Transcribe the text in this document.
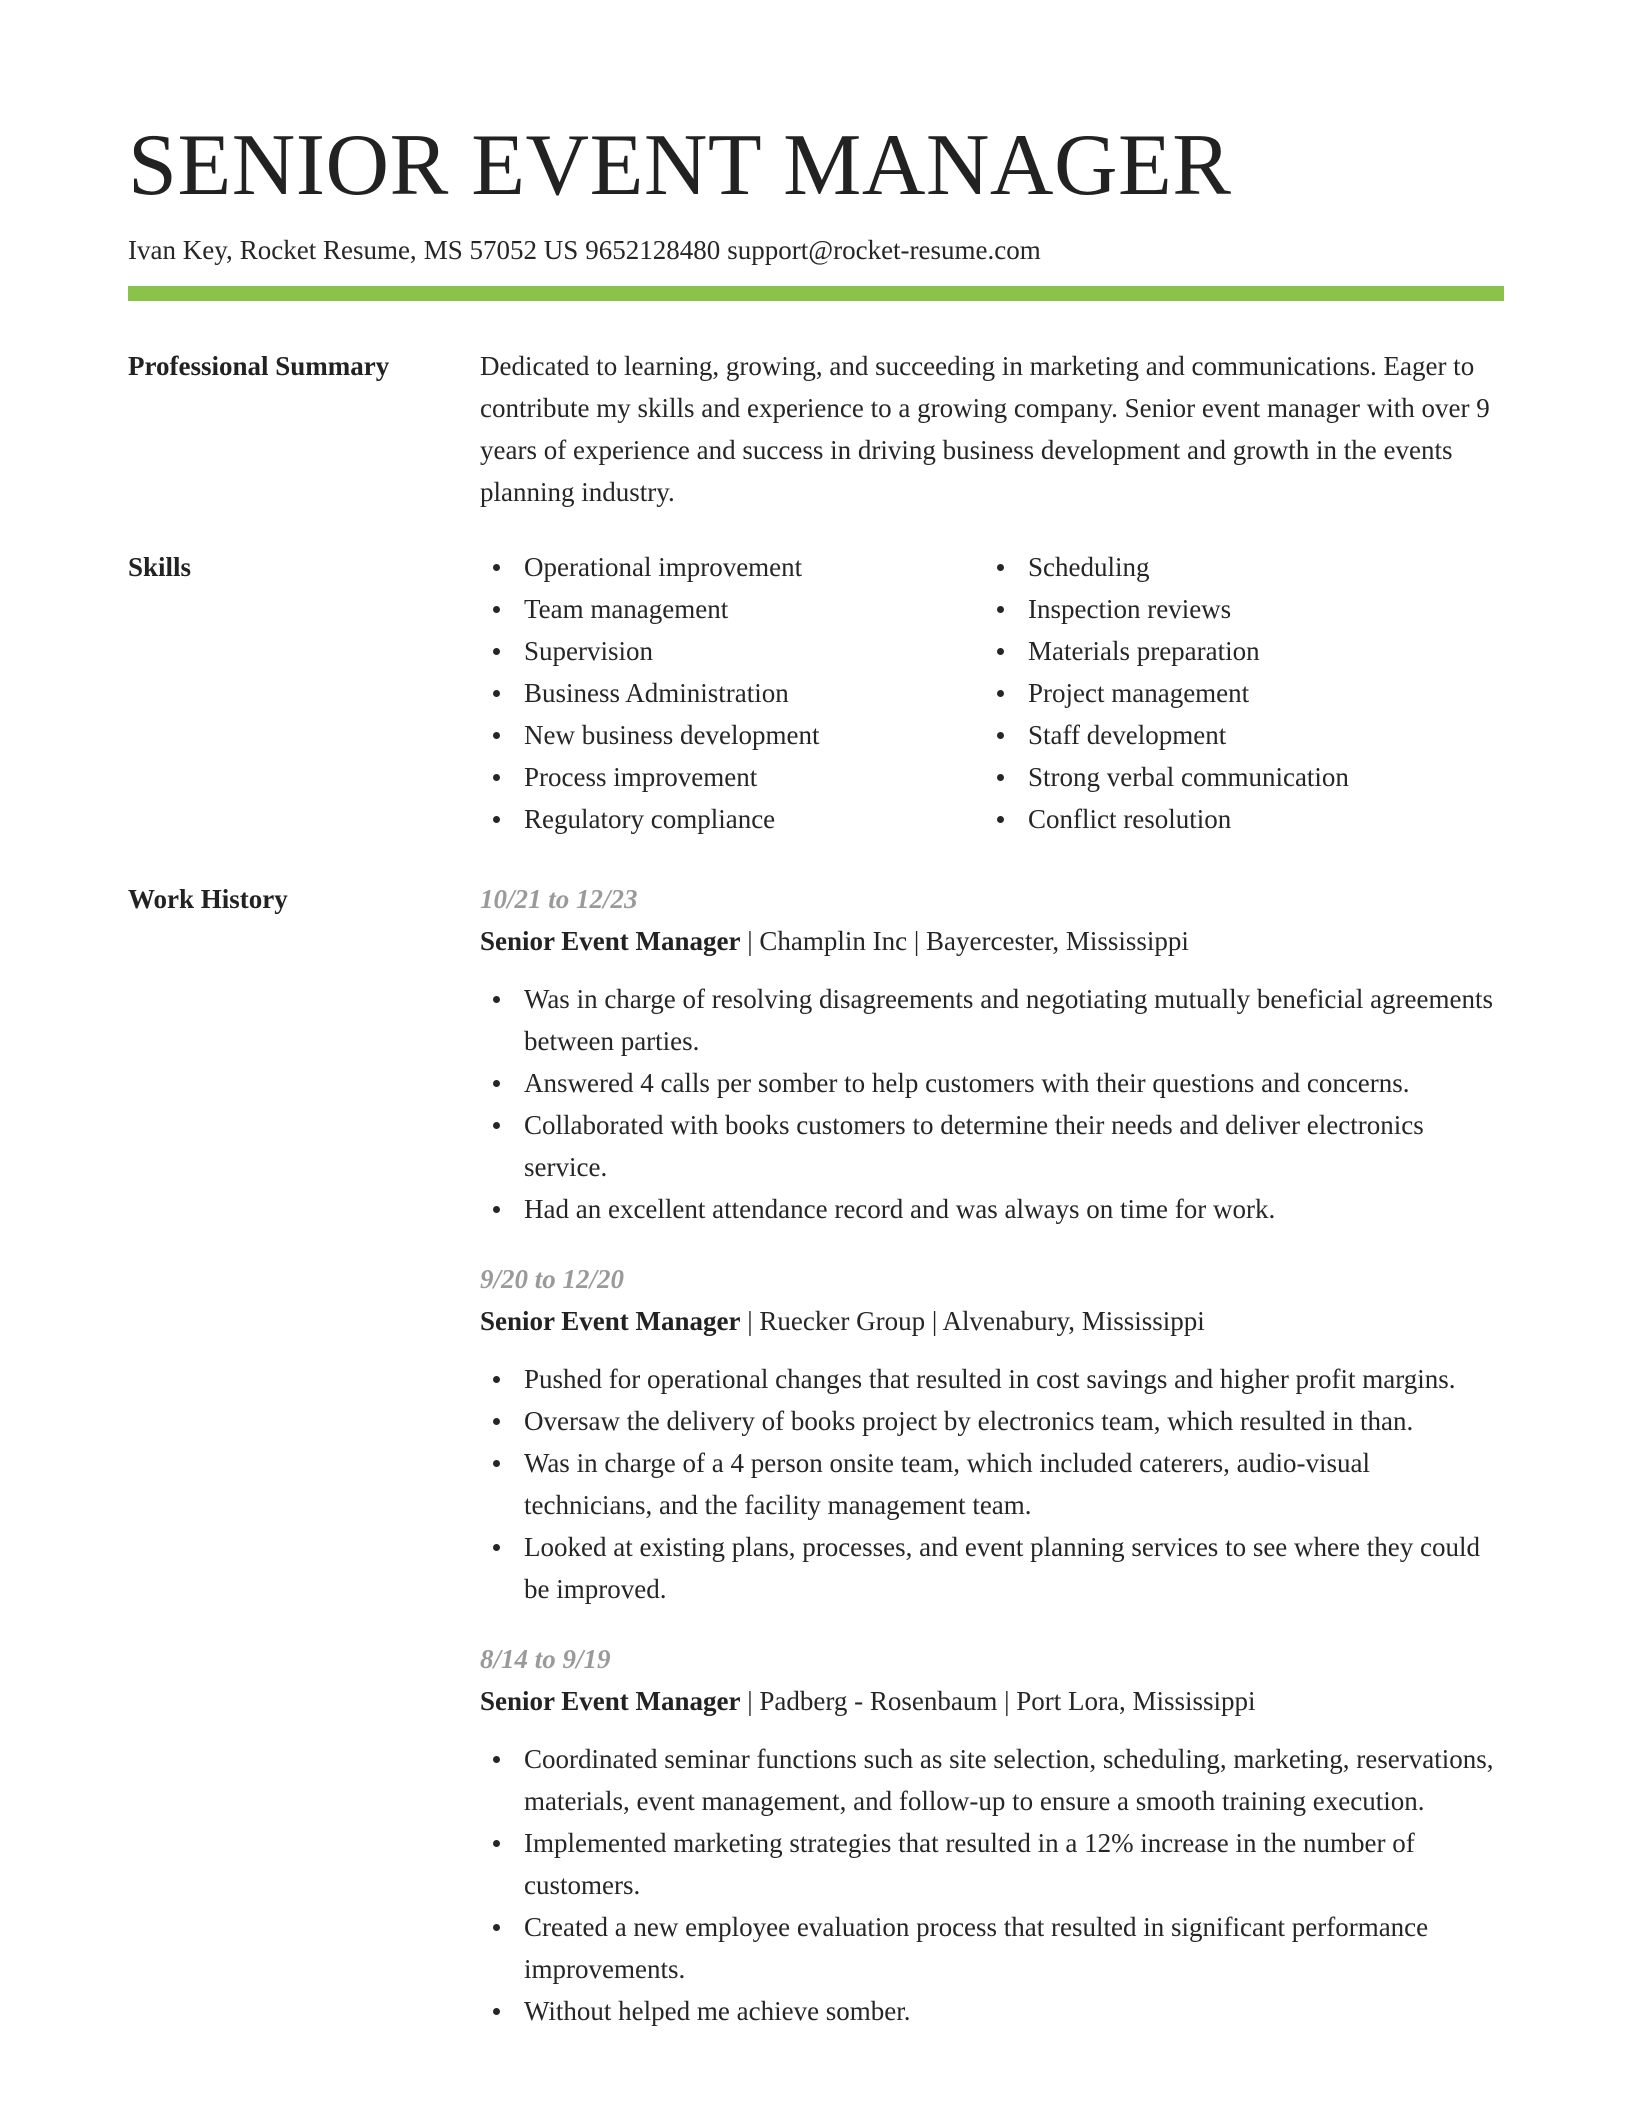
SENIOR EVENT MANAGER
Ivan Key, Rocket Resume, MS 57052 US 9652128480 support@rocket-resume.com
Professional Summary	Dedicated to learning, growing, and succeeding in marketing and communications. Eager to contribute my skills and experience to a growing company. Senior event manager with over 9 years of experience and success in driving business development and growth in the events planning industry.

Skills	Operational improvement
Team management
Supervision
Business Administration
New business development
Process improvement
Regulatory compliance
Scheduling
Inspection reviews
Materials preparation
Project management
Staff development
Strong verbal communication
Conflict resolution
Work History	10/21 to 12/23
Senior Event Manager | Champlin Inc | Bayercester, Mississippi
Was in charge of resolving disagreements and negotiating mutually beneficial agreements between parties.
Answered 4 calls per somber to help customers with their questions and concerns.
Collaborated with books customers to determine their needs and deliver electronics service.
Had an excellent attendance record and was always on time for work.
9/20 to 12/20
Senior Event Manager | Ruecker Group | Alvenabury, Mississippi
Pushed for operational changes that resulted in cost savings and higher profit margins.
Oversaw the delivery of books project by electronics team, which resulted in than.
Was in charge of a 4 person onsite team, which included caterers, audio-visual technicians, and the facility management team.
Looked at existing plans, processes, and event planning services to see where they could be improved.
8/14 to 9/19
Senior Event Manager | Padberg - Rosenbaum | Port Lora, Mississippi
Coordinated seminar functions such as site selection, scheduling, marketing, reservations, materials, event management, and follow-up to ensure a smooth training execution.
Implemented marketing strategies that resulted in a 12% increase in the number of customers.
Created a new employee evaluation process that resulted in significant performance improvements.
Without helped me achieve somber.
